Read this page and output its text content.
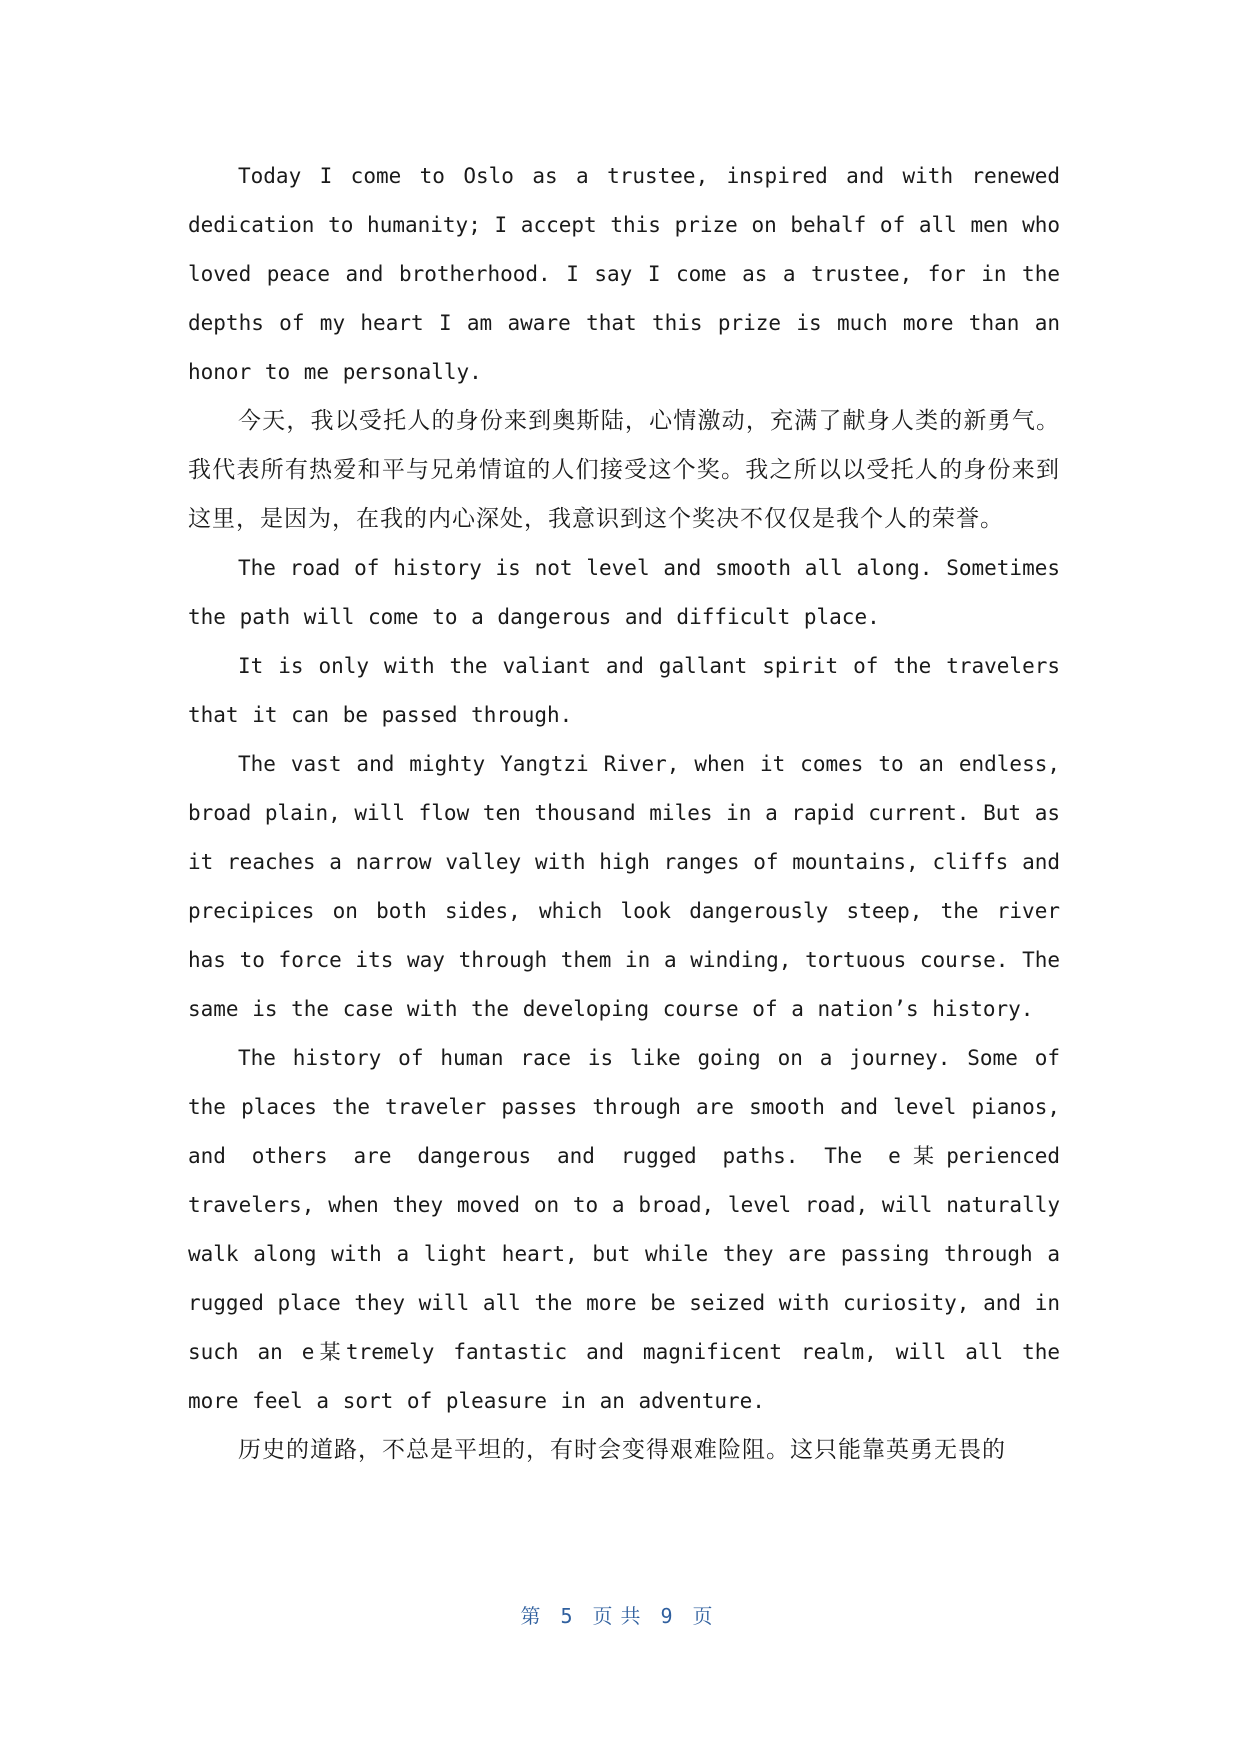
Today I come to Oslo as a trustee, inspired and with renewed dedication to humanity; I accept this prize on behalf of all men who loved peace and brotherhood. I say I come as a trustee, for in the depths of my heart I am aware that this prize is much more than an honor to me personally.

今天，我以受托人的身份来到奥斯陆，心情激动，充满了献身人类的新勇气。我代表所有热爱和平与兄弟情谊的人们接受这个奖。我之所以以受托人的身份来到这里，是因为，在我的内心深处，我意识到这个奖决不仅仅是我个人的荣誉。

The road of history is not level and smooth all along. Sometimes the path will come to a dangerous and difficult place.

It is only with the valiant and gallant spirit of the travelers that it can be passed through.

The vast and mighty Yangtzi River, when it comes to an endless, broad plain, will flow ten thousand miles in a rapid current. But as it reaches a narrow valley with high ranges of mountains, cliffs and precipices on both sides, which look dangerously steep, the river has to force its way through them in a winding, tortuous course. The same is the case with the developing course of a nation’s history.

The history of human race is like going on a journey. Some of the places the traveler passes through are smooth and level pianos, and others are dangerous and rugged paths. The e某perienced travelers, when they moved on to a broad, level road, will naturally walk along with a light heart, but while they are passing through a rugged place they will all the more be seized with curiosity, and in such an e某tremely fantastic and magnificent realm, will all the more feel a sort of pleasure in an adventure.

历史的道路，不总是平坦的，有时会变得艰难险阻。这只能靠英勇无畏的

第 5 页共 9 页
